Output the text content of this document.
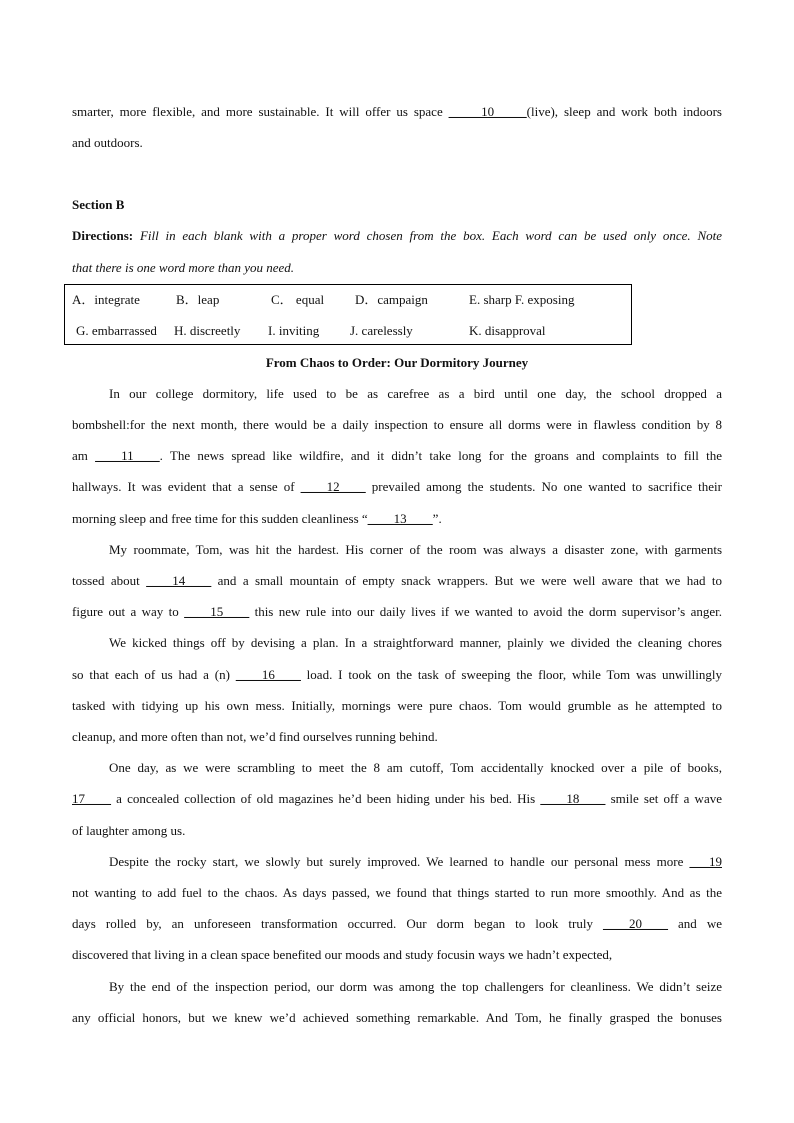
smarter, more flexible, and more sustainable. It will offer us space _____10_____(live), sleep and work both indoors
and outdoors.
Section B
Directions: Fill in each blank with a proper word chosen from the box. Each word can be used only once. Note
that there is one word more than you need.
A．integrate	B．leap	C． equal D．campaign	E. sharp F. exposing
G. embarrassed H. discreetly I. inviting J. carelessly	K. disapproval
From Chaos to Order: Our Dormitory Journey
In our college dormitory, life used to be as carefree as a bird until one day, the school dropped a
bombshell:for the next month, there would be a daily inspection to ensure all dorms were in flawless condition by 8
am ____11____. The news spread like wildfire, and it didn’t take long for the groans and complaints to fill the
hallways. It was evident that a sense of ____12____ prevailed among the students. No one wanted to sacrifice their
morning sleep and free time for this sudden cleanliness “____13____”.
My roommate, Tom, was hit the hardest. His corner of the room was always a disaster zone, with garments
tossed about ____14____ and a small mountain of empty snack wrappers. But we were well aware that we had to
figure out a way to ____15____ this new rule into our daily lives if we wanted to avoid the dorm supervisor’s anger.
We kicked things off by devising a plan. In a straightforward manner, plainly we divided the cleaning chores
so that each of us had a (n) ____16____ load. I took on the task of sweeping the floor, while Tom was unwillingly
tasked with tidying up his own mess. Initially, mornings were pure chaos. Tom would grumble as he attempted to
cleanup, and more often than not, we’d find ourselves running behind.
One day, as we were scrambling to meet the 8 am cutoff, Tom accidentally knocked over a pile of books,
17____ a concealed collection of old magazines he’d been hiding under his bed. His ____18____ smile set off a wave
of laughter among us.
Despite the rocky start, we slowly but surely improved. We learned to handle our personal mess more ___19
not wanting to add fuel to the chaos. As days passed, we found that things started to run more smoothly. And as the
days rolled by, an unforeseen transformation occurred. Our dorm began to look truly ____20____ and we
discovered that living in a clean space benefited our moods and study focusin ways we hadn’t expected,
By the end of the inspection period, our dorm was among the top challengers for cleanliness. We didn’t seize
any official honors, but we knew we’d achieved something remarkable. And Tom, he finally grasped the bonuses
